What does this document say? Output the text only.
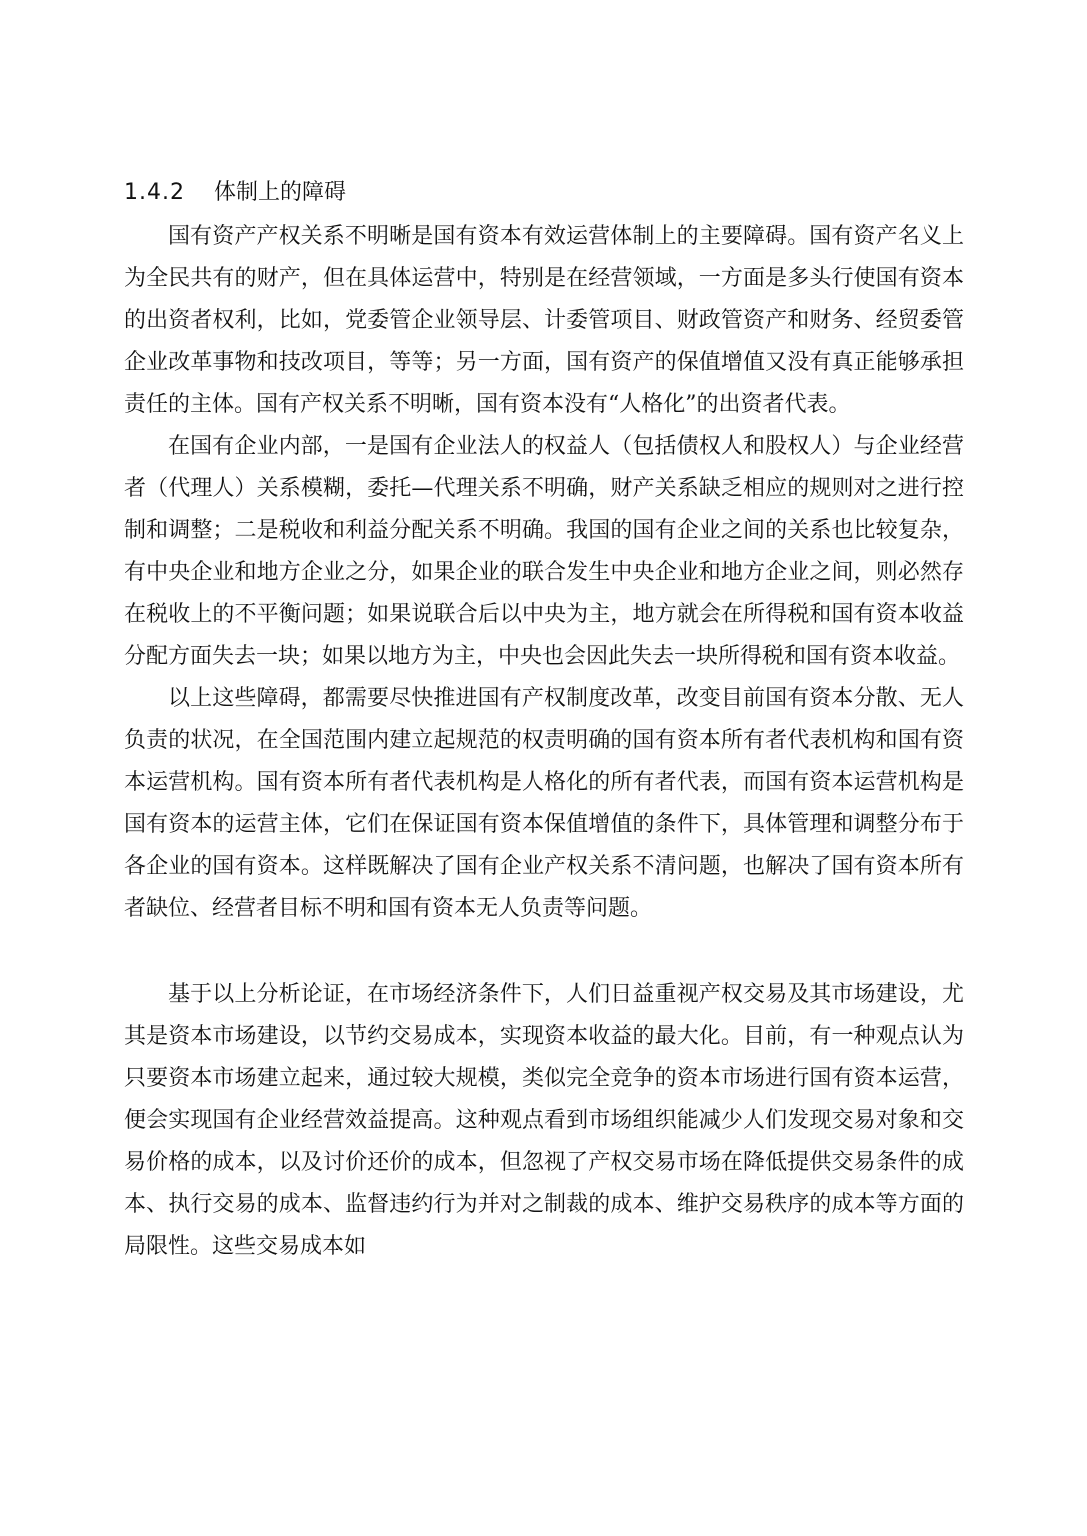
1.4.2 体制上的障碍

国有资产产权关系不明晰是国有资本有效运营体制上的主要障碍。国有资产名义上为全民共有的财产，但在具体运营中，特别是在经营领域，一方面是多头行使国有资本的出资者权利，比如，党委管企业领导层、计委管项目、财政管资产和财务、经贸委管企业改革事物和技改项目，等等；另一方面，国有资产的保值增值又没有真正能够承担责任的主体。国有产权关系不明晰，国有资本没有“人格化”的出资者代表。

在国有企业内部，一是国有企业法人的权益人（包括债权人和股权人）与企业经营者（代理人）关系模糊，委托—代理关系不明确，财产关系缺乏相应的规则对之进行控制和调整；二是税收和利益分配关系不明确。我国的国有企业之间的关系也比较复杂，有中央企业和地方企业之分，如果企业的联合发生中央企业和地方企业之间，则必然存在税收上的不平衡问题；如果说联合后以中央为主，地方就会在所得税和国有资本收益分配方面失去一块；如果以地方为主，中央也会因此失去一块所得税和国有资本收益。

以上这些障碍，都需要尽快推进国有产权制度改革，改变目前国有资本分散、无人负责的状况，在全国范围内建立起规范的权责明确的国有资本所有者代表机构和国有资本运营机构。国有资本所有者代表机构是人格化的所有者代表，而国有资本运营机构是国有资本的运营主体，它们在保证国有资本保值增值的条件下，具体管理和调整分布于各企业的国有资本。这样既解决了国有企业产权关系不清问题，也解决了国有资本所有者缺位、经营者目标不明和国有资本无人负责等问题。

基于以上分析论证，在市场经济条件下，人们日益重视产权交易及其市场建设，尤其是资本市场建设，以节约交易成本，实现资本收益的最大化。目前，有一种观点认为只要资本市场建立起来，通过较大规模，类似完全竞争的资本市场进行国有资本运营，便会实现国有企业经营效益提高。这种观点看到市场组织能减少人们发现交易对象和交易价格的成本，以及讨价还价的成本，但忽视了产权交易市场在降低提供交易条件的成本、执行交易的成本、监督违约行为并对之制裁的成本、维护交易秩序的成本等方面的局限性。这些交易成本如
